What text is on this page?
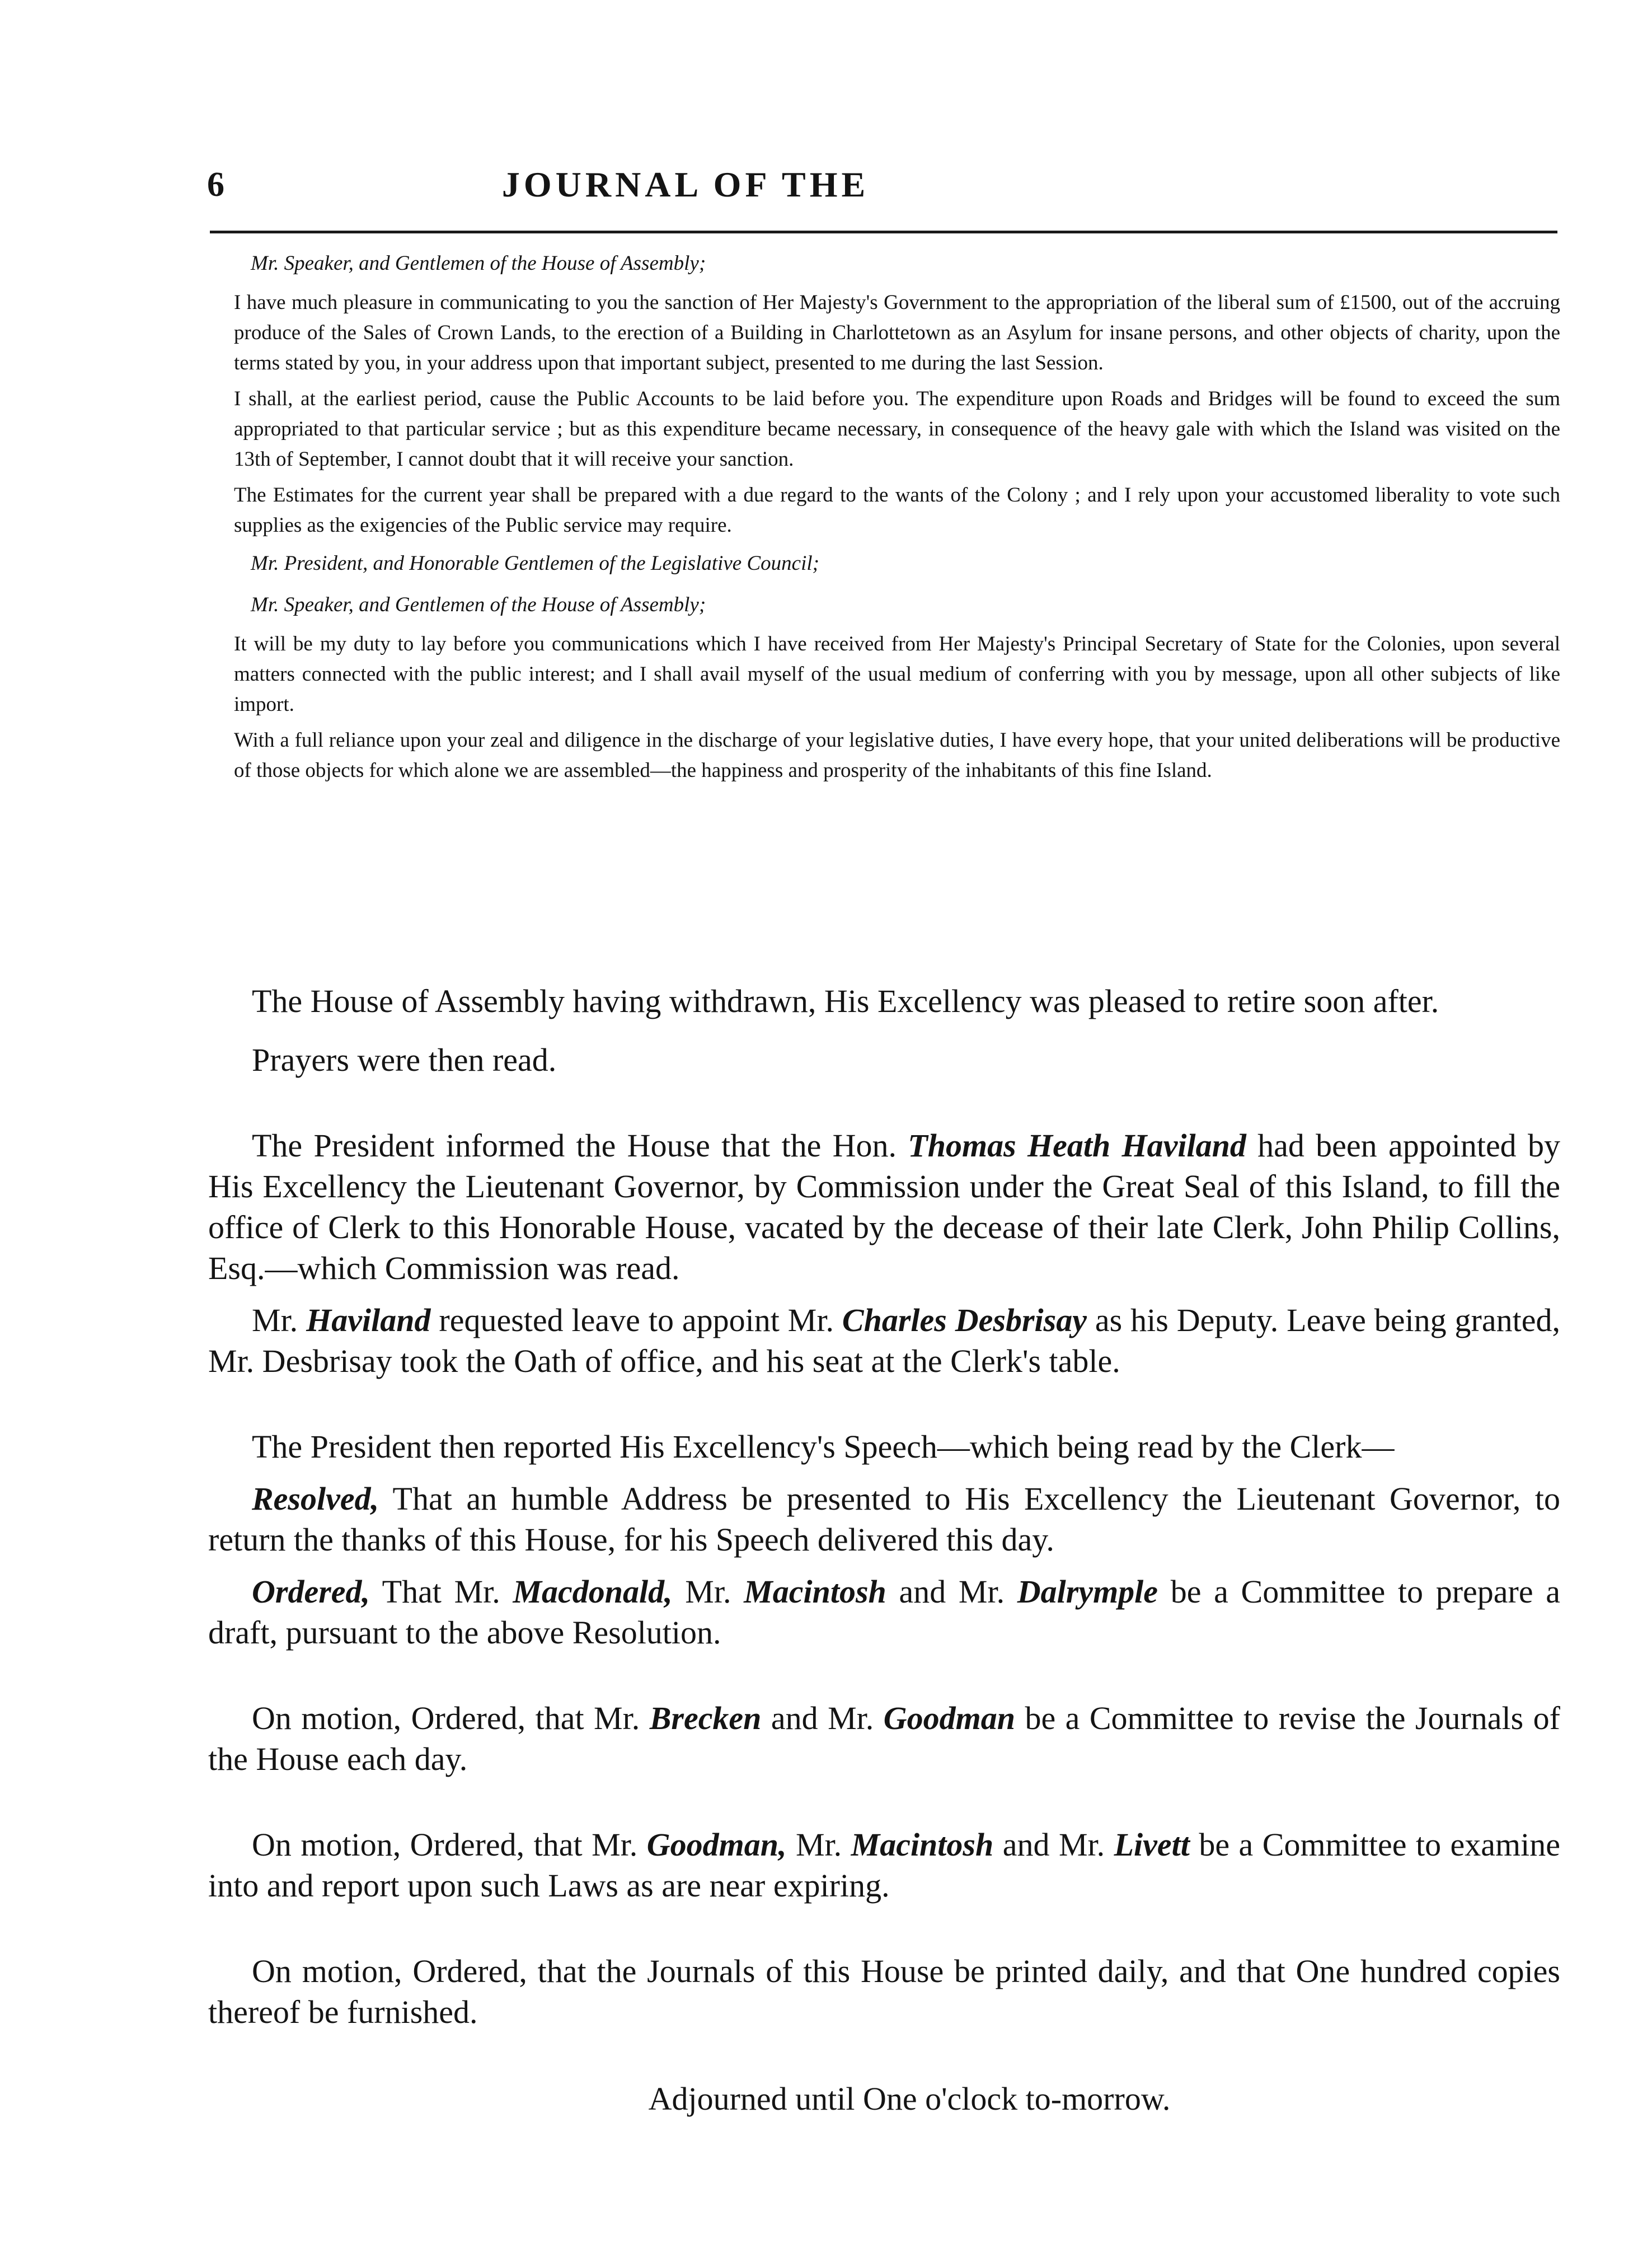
6	JOURNAL OF THE

Mr. Speaker, and Gentlemen of the House of Assembly;

I have much pleasure in communicating to you the sanction of Her Majesty's Government to the appropriation of the liberal sum of £1500, out of the accruing produce of the Sales of Crown Lands, to the erection of a Building in Charlottetown as an Asylum for insane persons, and other objects of charity, upon the terms stated by you, in your address upon that important subject, presented to me during the last Session.

I shall, at the earliest period, cause the Public Accounts to be laid before you. The expenditure upon Roads and Bridges will be found to exceed the sum appropriated to that particular service ; but as this expenditure became necessary, in consequence of the heavy gale with which the Island was visited on the 13th of September, I cannot doubt that it will receive your sanction.

The Estimates for the current year shall be prepared with a due regard to the wants of the Colony ; and I rely upon your accustomed liberality to vote such supplies as the exigencies of the Public service may require.

Mr. President, and Honorable Gentlemen of the Legislative Council;

Mr. Speaker, and Gentlemen of the House of Assembly;

It will be my duty to lay before you communications which I have received from Her Majesty's Principal Secretary of State for the Colonies, upon several matters connected with the public interest; and I shall avail myself of the usual medium of conferring with you by message, upon all other subjects of like import.

With a full reliance upon your zeal and diligence in the discharge of your legislative duties, I have every hope, that your united deliberations will be productive of those objects for which alone we are assembled—the happiness and prosperity of the inhabitants of this fine Island.

The House of Assembly having withdrawn, His Excellency was pleased to retire soon after.

Prayers were then read.

The President informed the House that the Hon. Thomas Heath Haviland had been appointed by His Excellency the Lieutenant Governor, by Commission under the Great Seal of this Island, to fill the office of Clerk to this Honorable House, vacated by the decease of their late Clerk, John Philip Collins, Esq.—which Commission was read.

Mr. Haviland requested leave to appoint Mr. Charles Desbrisay as his Deputy. Leave being granted, Mr. Desbrisay took the Oath of office, and his seat at the Clerk's table.

The President then reported His Excellency's Speech—which being read by the Clerk—

Resolved, That an humble Address be presented to His Excellency the Lieutenant Governor, to return the thanks of this House, for his Speech delivered this day.

Ordered, That Mr. Macdonald, Mr. Macintosh and Mr. Dalrymple be a Committee to prepare a draft, pursuant to the above Resolution.

On motion, Ordered, that Mr. Brecken and Mr. Goodman be a Committee to revise the Journals of the House each day.

On motion, Ordered, that Mr. Goodman, Mr. Macintosh and Mr. Livett be a Committee to examine into and report upon such Laws as are near expiring.

On motion, Ordered, that the Journals of this House be printed daily, and that One hundred copies thereof be furnished.

Adjourned until One o'clock to-morrow.
